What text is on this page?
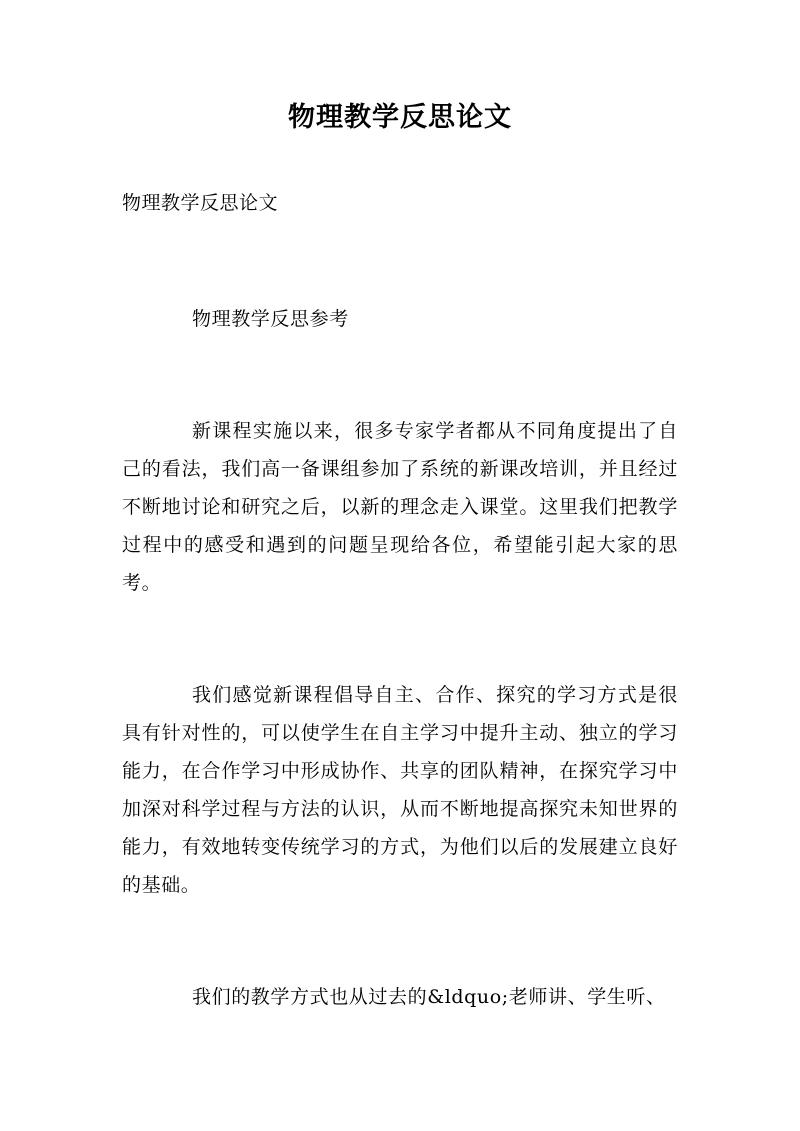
物理教学反思论文
物理教学反思论文

物理教学反思参考

新课程实施以来，很多专家学者都从不同角度提出了自己的看法，我们高一备课组参加了系统的新课改培训，并且经过不断地讨论和研究之后，以新的理念走入课堂。这里我们把教学过程中的感受和遇到的问题呈现给各位，希望能引起大家的思考。

我们感觉新课程倡导自主、合作、探究的学习方式是很具有针对性的，可以使学生在自主学习中提升主动、独立的学习能力，在合作学习中形成协作、共享的团队精神，在探究学习中加深对科学过程与方法的认识，从而不断地提高探究未知世界的能力，有效地转变传统学习的方式，为他们以后的发展建立良好的基础。

我们的教学方式也从过去的&ldquo;老师讲、学生听、
